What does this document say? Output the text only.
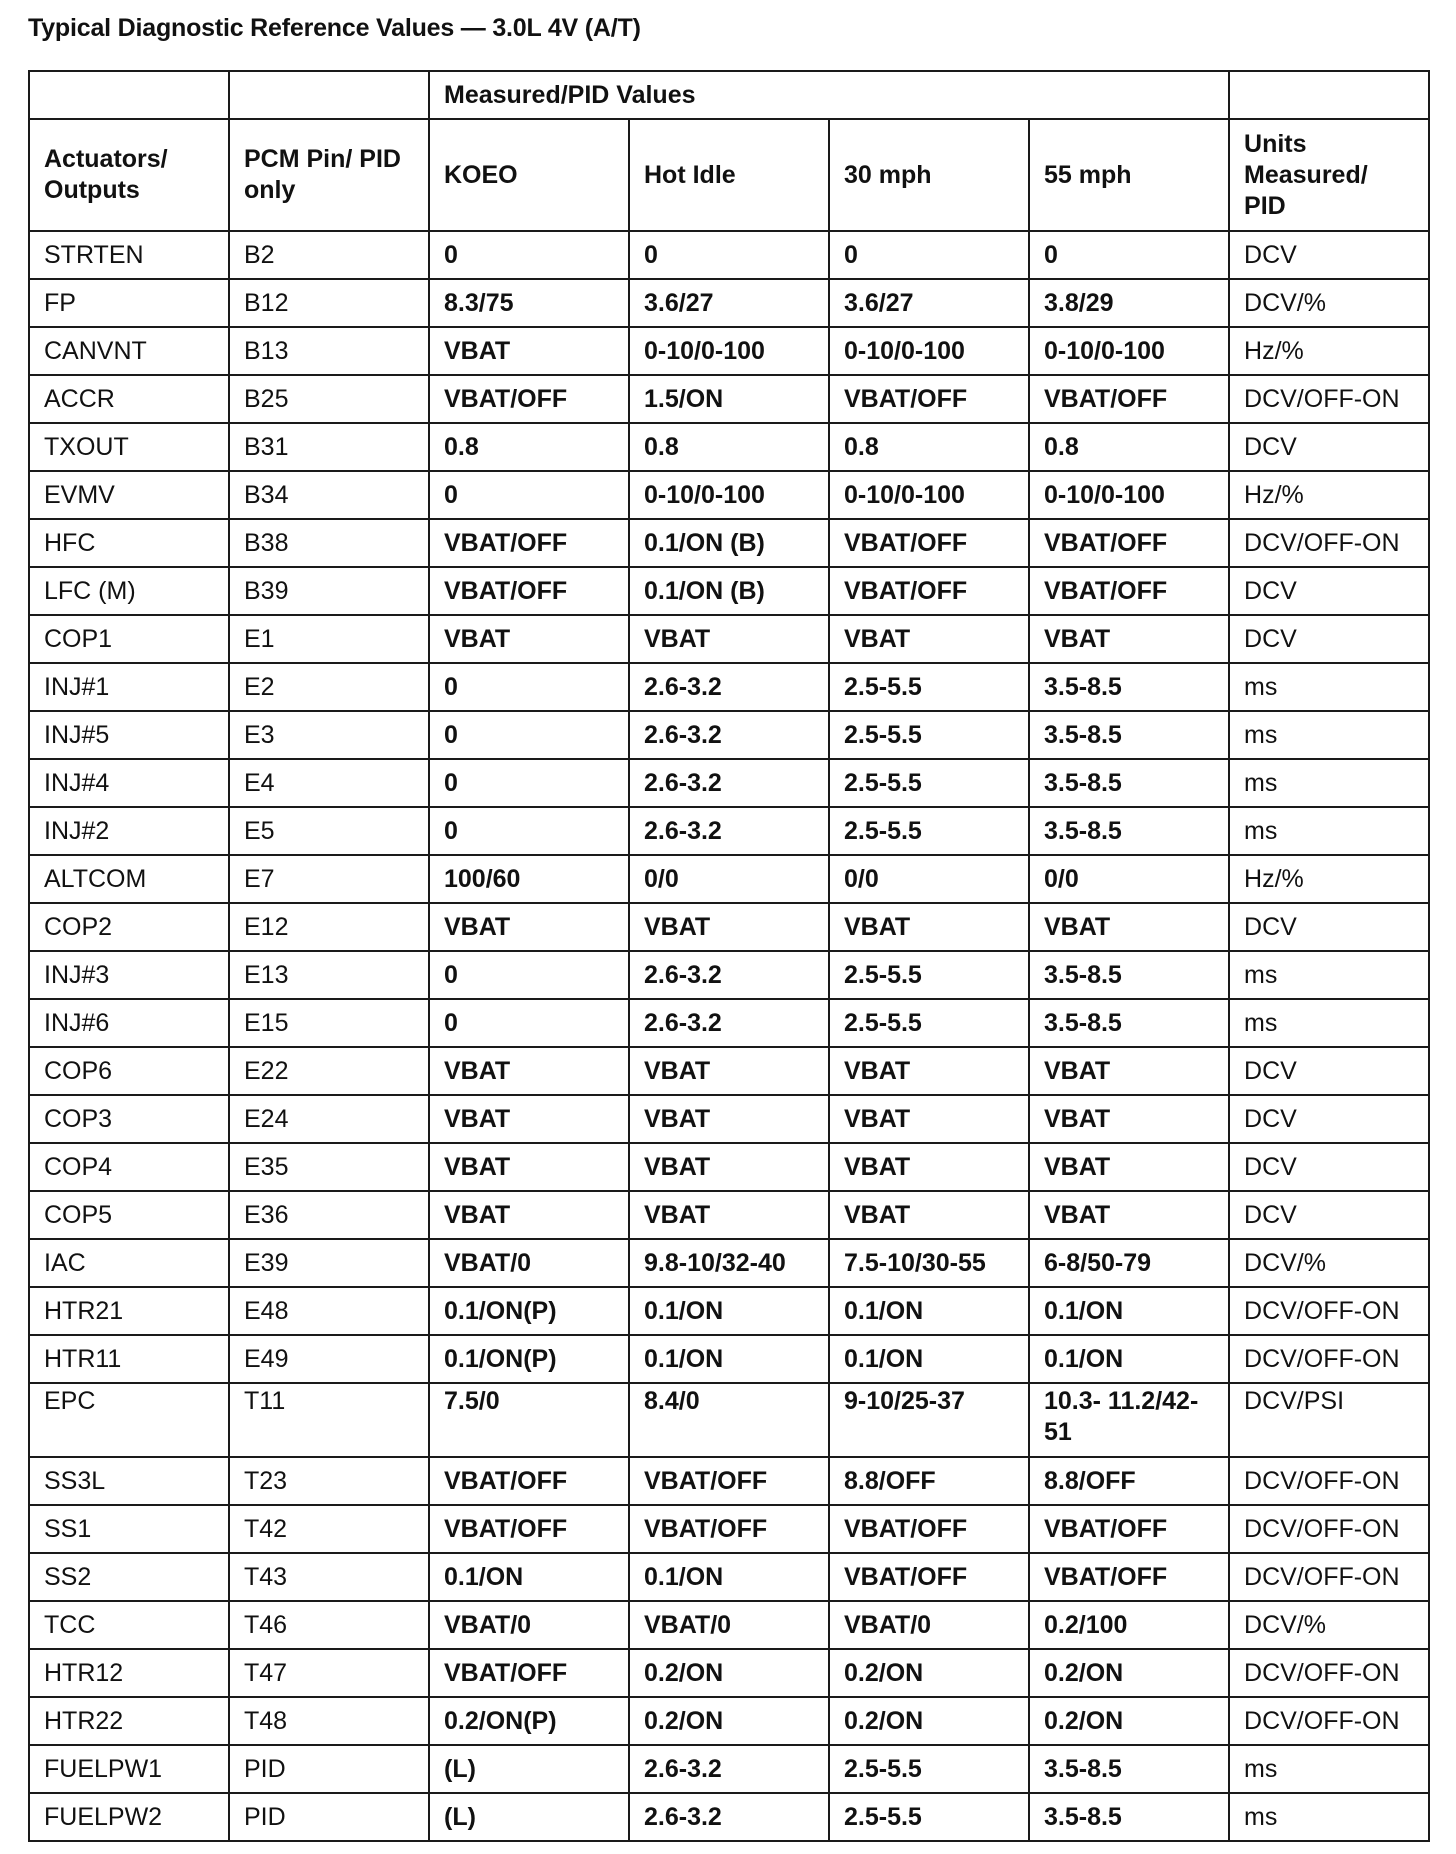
Typical Diagnostic Reference Values — 3.0L 4V (A/T)
		Measured/PID Values				
Actuators/ Outputs	PCM Pin/ PID only	KOEO	Hot Idle	30 mph	55 mph	Units Measured/ PID
STRTEN	B2	0	0	0	0	DCV
FP	B12	8.3/75	3.6/27	3.6/27	3.8/29	DCV/%
CANVNT	B13	VBAT	0-10/0-100	0-10/0-100	0-10/0-100	Hz/%
ACCR	B25	VBAT/OFF	1.5/ON	VBAT/OFF	VBAT/OFF	DCV/OFF-ON
TXOUT	B31	0.8	0.8	0.8	0.8	DCV
EVMV	B34	0	0-10/0-100	0-10/0-100	0-10/0-100	Hz/%
HFC	B38	VBAT/OFF	0.1/ON (B)	VBAT/OFF	VBAT/OFF	DCV/OFF-ON
LFC (M)	B39	VBAT/OFF	0.1/ON (B)	VBAT/OFF	VBAT/OFF	DCV
COP1	E1	VBAT	VBAT	VBAT	VBAT	DCV
INJ#1	E2	0	2.6-3.2	2.5-5.5	3.5-8.5	ms
INJ#5	E3	0	2.6-3.2	2.5-5.5	3.5-8.5	ms
INJ#4	E4	0	2.6-3.2	2.5-5.5	3.5-8.5	ms
INJ#2	E5	0	2.6-3.2	2.5-5.5	3.5-8.5	ms
ALTCOM	E7	100/60	0/0	0/0	0/0	Hz/%
COP2	E12	VBAT	VBAT	VBAT	VBAT	DCV
INJ#3	E13	0	2.6-3.2	2.5-5.5	3.5-8.5	ms
INJ#6	E15	0	2.6-3.2	2.5-5.5	3.5-8.5	ms
COP6	E22	VBAT	VBAT	VBAT	VBAT	DCV
COP3	E24	VBAT	VBAT	VBAT	VBAT	DCV
COP4	E35	VBAT	VBAT	VBAT	VBAT	DCV
COP5	E36	VBAT	VBAT	VBAT	VBAT	DCV
IAC	E39	VBAT/0	9.8-10/32-40	7.5-10/30-55	6-8/50-79	DCV/%
HTR21	E48	0.1/ON(P)	0.1/ON	0.1/ON	0.1/ON	DCV/OFF-ON
HTR11	E49	0.1/ON(P)	0.1/ON	0.1/ON	0.1/ON	DCV/OFF-ON
EPC	T11	7.5/0	8.4/0	9-10/25-37	10.3- 11.2/42-51	DCV/PSI
SS3L	T23	VBAT/OFF	VBAT/OFF	8.8/OFF	8.8/OFF	DCV/OFF-ON
SS1	T42	VBAT/OFF	VBAT/OFF	VBAT/OFF	VBAT/OFF	DCV/OFF-ON
SS2	T43	0.1/ON	0.1/ON	VBAT/OFF	VBAT/OFF	DCV/OFF-ON
TCC	T46	VBAT/0	VBAT/0	VBAT/0	0.2/100	DCV/%
HTR12	T47	VBAT/OFF	0.2/ON	0.2/ON	0.2/ON	DCV/OFF-ON
HTR22	T48	0.2/ON(P)	0.2/ON	0.2/ON	0.2/ON	DCV/OFF-ON
FUELPW1	PID	(L)	2.6-3.2	2.5-5.5	3.5-8.5	ms
FUELPW2	PID	(L)	2.6-3.2	2.5-5.5	3.5-8.5	ms
